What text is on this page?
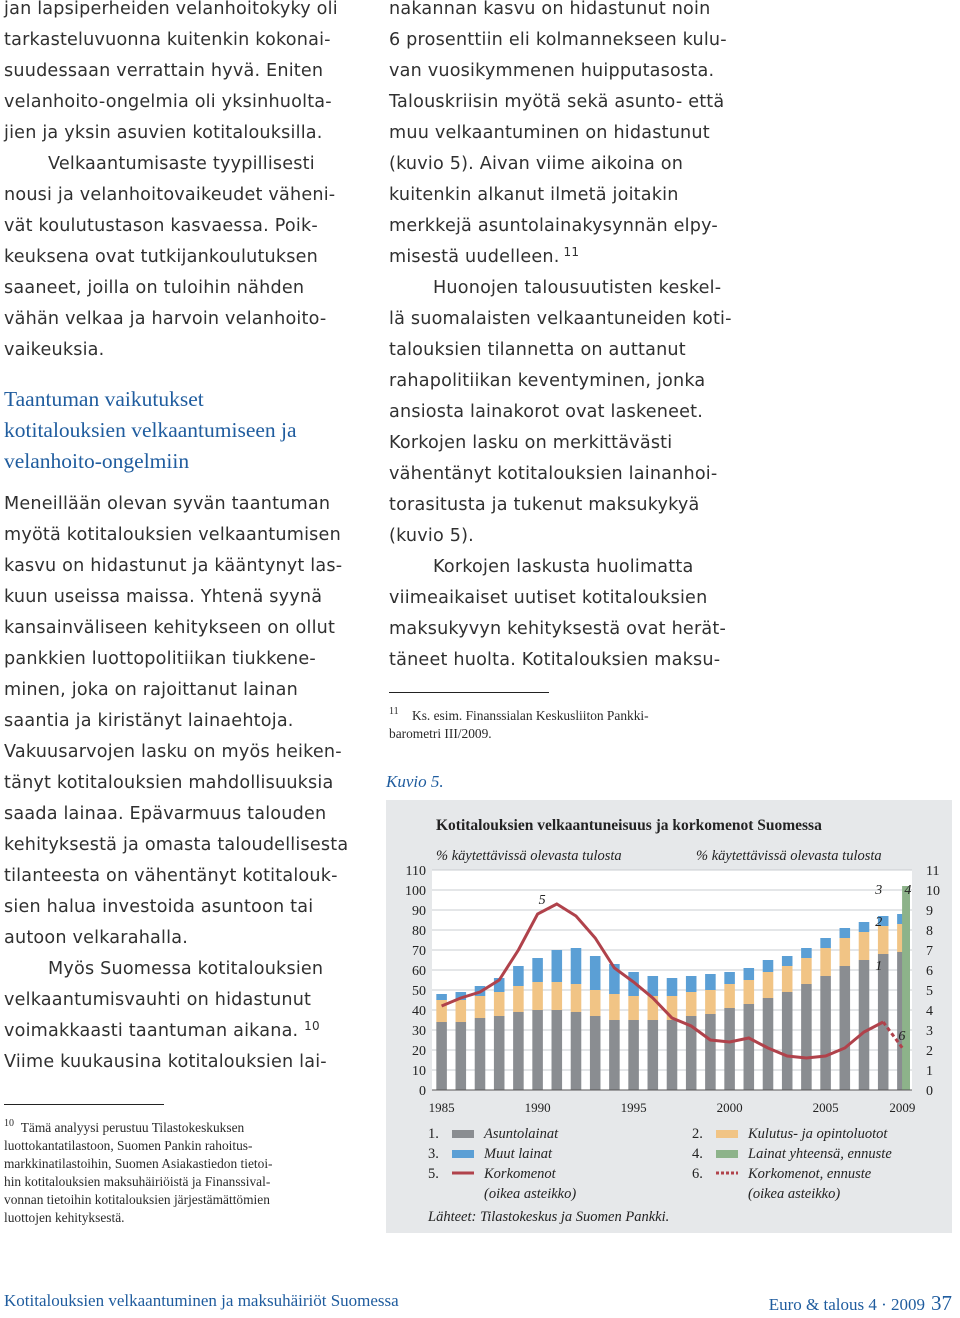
jan lapsiperheiden velanhoitokyky oli
tarkasteluvuonna kuitenkin kokonai-
suudessaan verrattain hyvä. Eniten
velanhoito-ongelmia oli yksinhuolta-
jien ja yksin asuvien kotitalouksilla.
Velkaantumisaste tyypillisesti
nousi ja velanhoitovaikeudet väheni-
vät koulutustason kasvaessa. Poik-
keuksena ovat tutkijankoulutuksen
saaneet, joilla on tuloihin nähden
vähän velkaa ja harvoin velanhoito-
vaikeuksia.
Taantuman vaikutukset
kotitalouksien velkaantumiseen ja
velanhoito-ongelmiin
Meneillään olevan syvän taantuman
myötä kotitalouksien velkaantumisen
kasvu on hidastunut ja kääntynyt las-
kuun useissa maissa. Yhtenä syynä
kansainväliseen kehitykseen on ollut
pankkien luottopolitiikan tiukkene-
minen, joka on rajoittanut lainan
saantia ja kiristänyt lainaehtoja.
Vakuusarvojen lasku on myös heiken-
tänyt kotitalouksien mahdollisuuksia
saada lainaa. Epävarmuus talouden
kehityksestä ja omasta taloudellisesta
tilanteesta on vähentänyt kotitalouk-
sien halua investoida asuntoon tai
autoon velkarahalla.
Myös Suomessa kotitalouksien
velkaantumisvauhti on hidastunut
voimakkaasti taantuman aikana. $^{10}$
Viime kuukausina kotitalouksien lai-
$^{10}$  Tämä analyysi perustuu Tilastokeskuksen
luottokantatilastoon, Suomen Pankin rahoitus-
markkinatilastoihin, Suomen Asiakastiedon tietoi-
hin kotitalouksien maksuhäiriöistä ja Finanssival-
vonnan tietoihin kotitalouksien järjestämättömien
luottojen kehityksestä.
nakannan kasvu on hidastunut noin
6 prosenttiin eli kolmannekseen kulu-
van vuosikymmenen huipputasosta.
Talouskriisin myötä sekä asunto- että
muu velkaantuminen on hidastunut
(kuvio 5). Aivan viime aikoina on
kuitenkin alkanut ilmetä joitakin
merkkejä asuntolainakysynnän elpy-
misestä uudelleen. $^{11}$
Huonojen talousuutisten keskel-
lä suomalaisten velkaantuneiden koti-
talouksien tilannetta on auttanut
rahapolitiikan keventyminen, jonka
ansiosta lainakorot ovat laskeneet.
Korkojen lasku on merkittävästi
vähentänyt kotitalouksien lainanhoi-
torasitusta ja tukenut maksukykyä
(kuvio 5).
Korkojen laskusta huolimatta
viimeaikaiset uutiset kotitalouksien
maksukyvyn kehityksestä ovat herät-
täneet huolta. Kotitalouksien maksu-
$^{11}$  Ks. esim. Finanssialan Keskusliiton Pankki-
barometri III/2009.
Kuvio 5.
Kotitalouksien velkaantuneisuus ja korkomenot Suomessa
% käytettävissä olevasta tulosta	% käytettävissä olevasta tulosta
0
10
20
30
40
50
60
70
80
90
100
110
0
1
2
3
4
5
6
7
8
9
10
11
1
2
3 4
5
6
1985	1990	1995	2000	2005	2009
1.	Asuntolainat	2.	Kulutus- ja opintoluotot
3.	Muut lainat	4.	Lainat yhteensä, ennuste
5.	Korkomenot
(oikea asteikko)
6.	Korkomenot, ennuste
(oikea asteikko)
Lähteet: Tilastokeskus ja Suomen Pankki.
Kotitalouksien velkaantuminen ja maksuhäiriöt Suomessa	Euro & talous 4 · 2009 37
